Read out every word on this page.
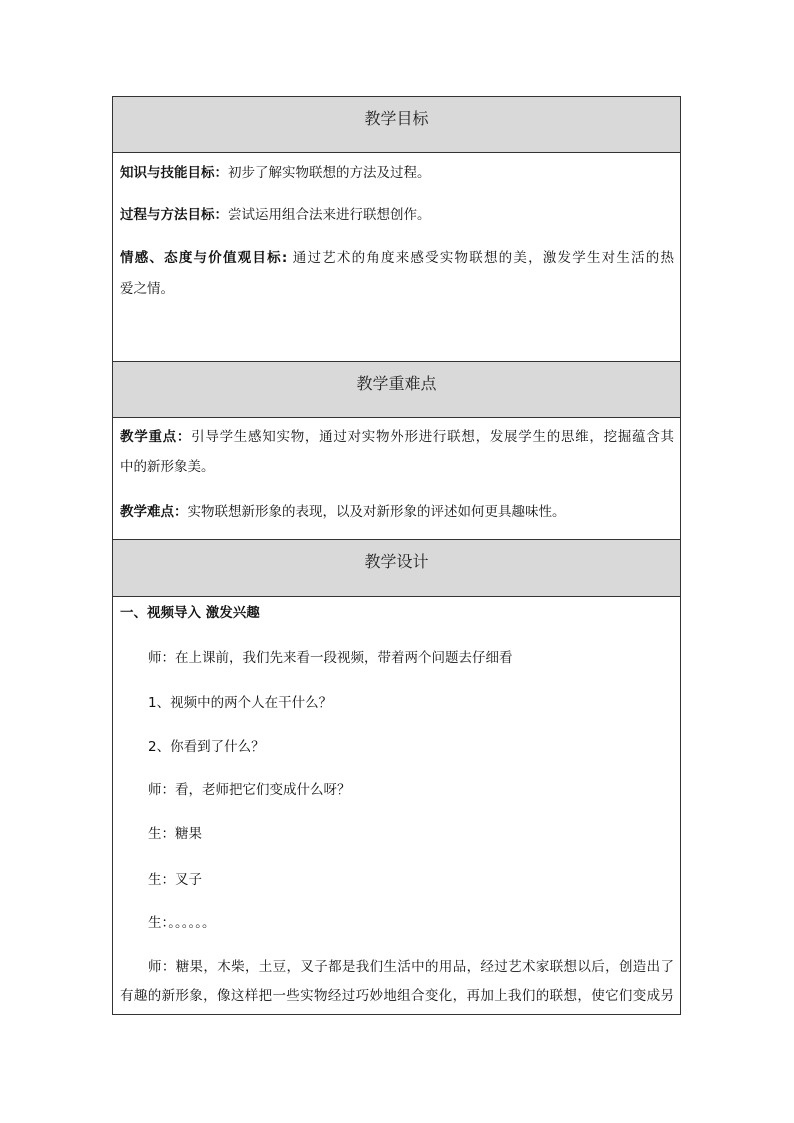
教学目标
知识与技能目标：初步了解实物联想的方法及过程。
过程与方法目标：尝试运用组合法来进行联想创作。
情感、态度与价值观目标: 通过艺术的角度来感受实物联想的美，激发学生对生活的热
爱之情。
教学重难点
教学重点：引导学生感知实物，通过对实物外形进行联想，发展学生的思维，挖掘蕴含其
中的新形象美。
教学难点：实物联想新形象的表现，以及对新形象的评述如何更具趣味性。
教学设计
一、视频导入 激发兴趣
师：在上课前，我们先来看一段视频，带着两个问题去仔细看
1、视频中的两个人在干什么？
2、你看到了什么？
师：看，老师把它们变成什么呀？
生：糖果
生：叉子
生：。。。。。。
师：糖果，木柴，土豆，叉子都是我们生活中的用品，经过艺术家联想以后，创造出了
有趣的新形象，像这样把一些实物经过巧妙地组合变化，再加上我们的联想，使它们变成另
